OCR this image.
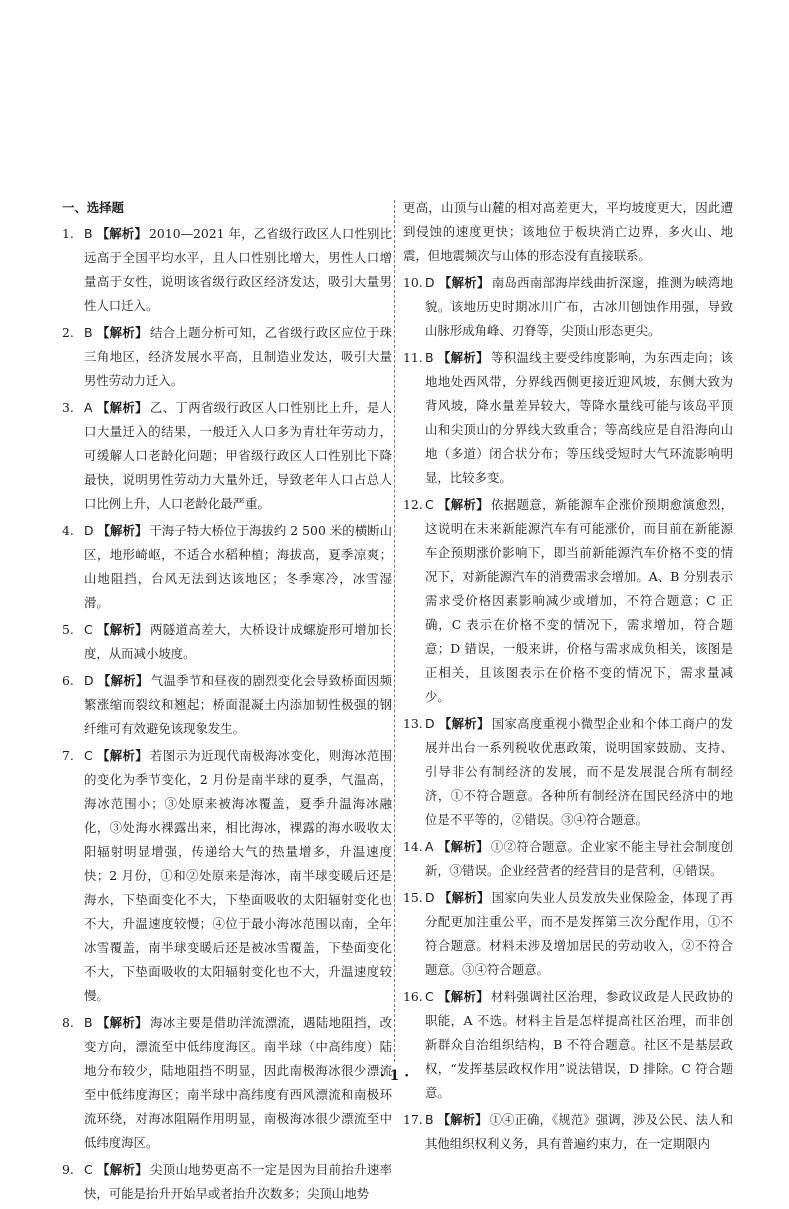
一、选择题
1. B 【解析】 2010—2021 年，乙省级行政区人口性别比远高于全国平均水平，且人口性别比增大，男性人口增量高于女性，说明该省级行政区经济发达，吸引大量男性人口迁入。
2. B 【解析】 结合上题分析可知，乙省级行政区应位于珠三角地区，经济发展水平高，且制造业发达，吸引大量男性劳动力迁入。
3. A 【解析】 乙、丁两省级行政区人口性别比上升，是人口大量迁入的结果，一般迁入人口多为青壮年劳动力，可缓解人口老龄化问题；甲省级行政区人口性别比下降最快，说明男性劳动力大量外迁，导致老年人口占总人口比例上升，人口老龄化最严重。
4. D 【解析】 干海子特大桥位于海拔约 2 500 米的横断山区，地形崎岖，不适合水稻种植；海拔高，夏季凉爽；山地阻挡，台风无法到达该地区；冬季寒冷，冰雪湿滑。
5. C 【解析】 两隧道高差大，大桥设计成螺旋形可增加长度，从而减小坡度。
6. D 【解析】 气温季节和昼夜的剧烈变化会导致桥面因频繁涨缩而裂纹和翘起；桥面混凝土内添加韧性极强的钢纤维可有效避免该现象发生。
7. C 【解析】 若图示为近现代南极海冰变化，则海冰范围的变化为季节变化，2 月份是南半球的夏季，气温高，海冰范围小；③处原来被海冰覆盖，夏季升温海冰融化，③处海水裸露出来，相比海冰，裸露的海水吸收太阳辐射明显增强，传递给大气的热量增多，升温速度快；2 月份，①和②处原来是海冰，南半球变暖后还是海水，下垫面变化不大，下垫面吸收的太阳辐射变化也不大，升温速度较慢；④位于最小海冰范围以南，全年冰雪覆盖，南半球变暖后还是被冰雪覆盖，下垫面变化不大，下垫面吸收的太阳辐射变化也不大，升温速度较慢。
8. B 【解析】 海冰主要是借助洋流漂流，遇陆地阻挡，改变方向，漂流至中低纬度海区。南半球（中高纬度）陆地分布较少，陆地阻挡不明显，因此南极海冰很少漂流至中低纬度海区；南半球中高纬度有西风漂流和南极环流环绕，对海冰阻隔作用明显，南极海冰很少漂流至中低纬度海区。
9. C 【解析】 尖顶山地势更高不一定是因为目前抬升速率快，可能是抬升开始早或者抬升次数多；尖顶山地势
更高，山顶与山麓的相对高差更大，平均坡度更大，因此遭到侵蚀的速度更快；该地位于板块消亡边界，多火山、地震，但地震频次与山体的形态没有直接联系。
10. D 【解析】 南岛西南部海岸线曲折深邃，推测为峡湾地貌。该地历史时期冰川广布，古冰川刨蚀作用强，导致山脉形成角峰、刃脊等，尖顶山形态更尖。
11. B 【解析】 等积温线主要受纬度影响，为东西走向；该地地处西风带，分界线西侧更接近迎风坡，东侧大致为背风坡，降水量差异较大，等降水量线可能与该岛平顶山和尖顶山的分界线大致重合；等高线应是自沿海向山地（多道）闭合状分布；等压线受短时大气环流影响明显，比较多变。
12. C 【解析】 依据题意，新能源车企涨价预期愈演愈烈，这说明在未来新能源汽车有可能涨价，而目前在新能源车企预期涨价影响下，即当前新能源汽车价格不变的情况下，对新能源汽车的消费需求会增加。A、B 分别表示需求受价格因素影响减少或增加，不符合题意；C 正确，C 表示在价格不变的情况下，需求增加，符合题意；D 错误，一般来讲，价格与需求成负相关，该图是正相关，且该图表示在价格不变的情况下，需求量减少。
13. D 【解析】 国家高度重视小微型企业和个体工商户的发展并出台一系列税收优惠政策，说明国家鼓励、支持、引导非公有制经济的发展，而不是发展混合所有制经济，①不符合题意。各种所有制经济在国民经济中的地位是不平等的，②错误。③④符合题意。
14. A 【解析】 ①②符合题意。企业家不能主导社会制度创新，③错误。企业经营者的经营目的是营利，④错误。
15. D 【解析】 国家向失业人员发放失业保险金，体现了再分配更加注重公平，而不是发挥第三次分配作用，①不符合题意。材料未涉及增加居民的劳动收入，②不符合题意。③④符合题意。
16. C 【解析】 材料强调社区治理，参政议政是人民政协的职能，A 不选。材料主旨是怎样提高社区治理，而非创新群众自治组织结构，B 不符合题意。社区不是基层政权，“发挥基层政权作用”说法错误，D 排除。C 符合题意。
17. B 【解析】 ①④正确，《规范》强调，涉及公民、法人和其他组织权利义务，具有普遍约束力，在一定期限内
· 1 ·
